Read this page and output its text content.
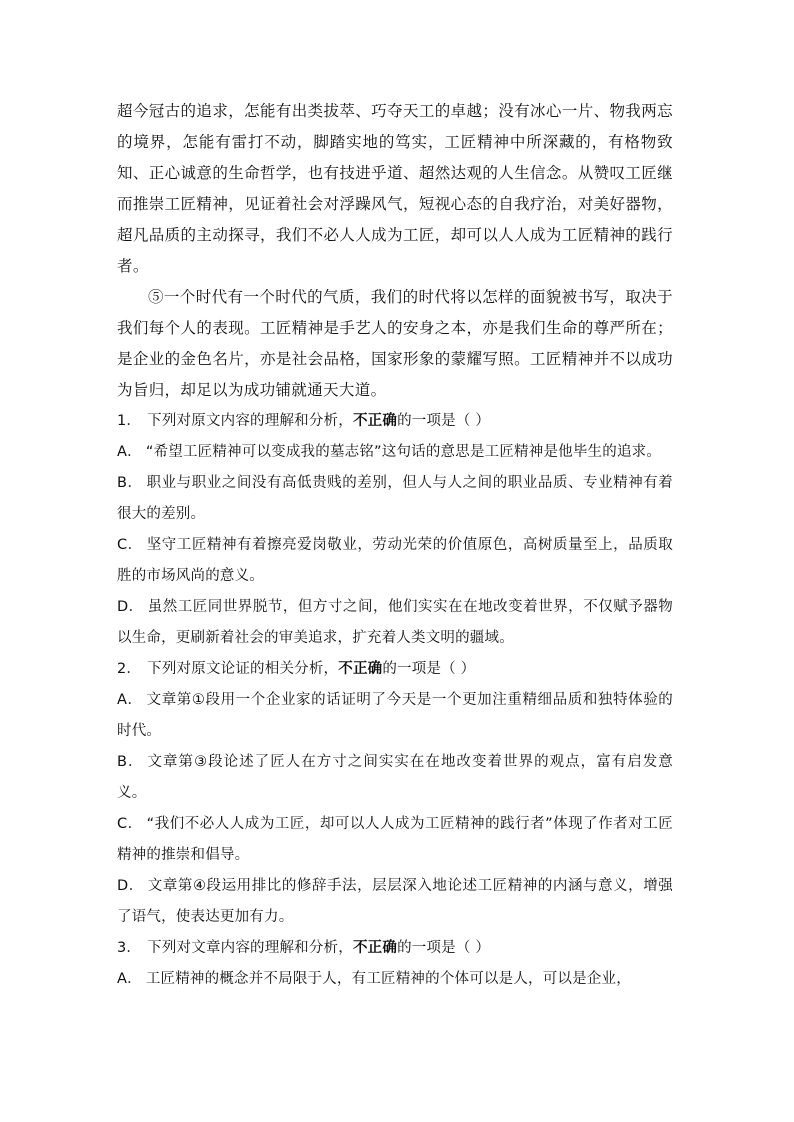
超今冠古的追求，怎能有出类拔萃、巧夺天工的卓越；没有冰心一片、物我两忘的境界，怎能有雷打不动，脚踏实地的笃实，工匠精神中所深藏的，有格物致知、正心诚意的生命哲学，也有技进乎道、超然达观的人生信念。从赞叹工匠继而推崇工匠精神，见证着社会对浮躁风气，短视心态的自我疗治，对美好器物，超凡品质的主动探寻，我们不必人人成为工匠，却可以人人成为工匠精神的践行者。

⑤一个时代有一个时代的气质，我们的时代将以怎样的面貌被书写，取决于我们每个人的表现。工匠精神是手艺人的安身之本，亦是我们生命的尊严所在；是企业的金色名片，亦是社会品格，国家形象的蒙耀写照。工匠精神并不以成功为旨归，却足以为成功铺就通天大道。

1． 下列对原文内容的理解和分析，不正确的一项是（ ）

A． “希望工匠精神可以变成我的墓志铭”这句话的意思是工匠精神是他毕生的追求。

B． 职业与职业之间没有高低贵贱的差别，但人与人之间的职业品质、专业精神有着很大的差别。

C． 坚守工匠精神有着擦亮爱岗敬业，劳动光荣的价值原色，高树质量至上，品质取胜的市场风尚的意义。

D． 虽然工匠同世界脱节，但方寸之间，他们实实在在地改变着世界，不仅赋予器物以生命，更刷新着社会的审美追求，扩充着人类文明的疆域。

2． 下列对原文论证的相关分析，不正确的一项是（ ）

A． 文章第①段用一个企业家的话证明了今天是一个更加注重精细品质和独特体验的时代。

B． 文章第③段论述了匠人在方寸之间实实在在地改变着世界的观点，富有启发意义。

C． “我们不必人人成为工匠，却可以人人成为工匠精神的践行者”体现了作者对工匠精神的推崇和倡导。

D． 文章第④段运用排比的修辞手法，层层深入地论述工匠精神的内涵与意义，增强了语气，使表达更加有力。

3． 下列对文章内容的理解和分析，不正确的一项是（ ）

A． 工匠精神的概念并不局限于人，有工匠精神的个体可以是人，可以是企业，
